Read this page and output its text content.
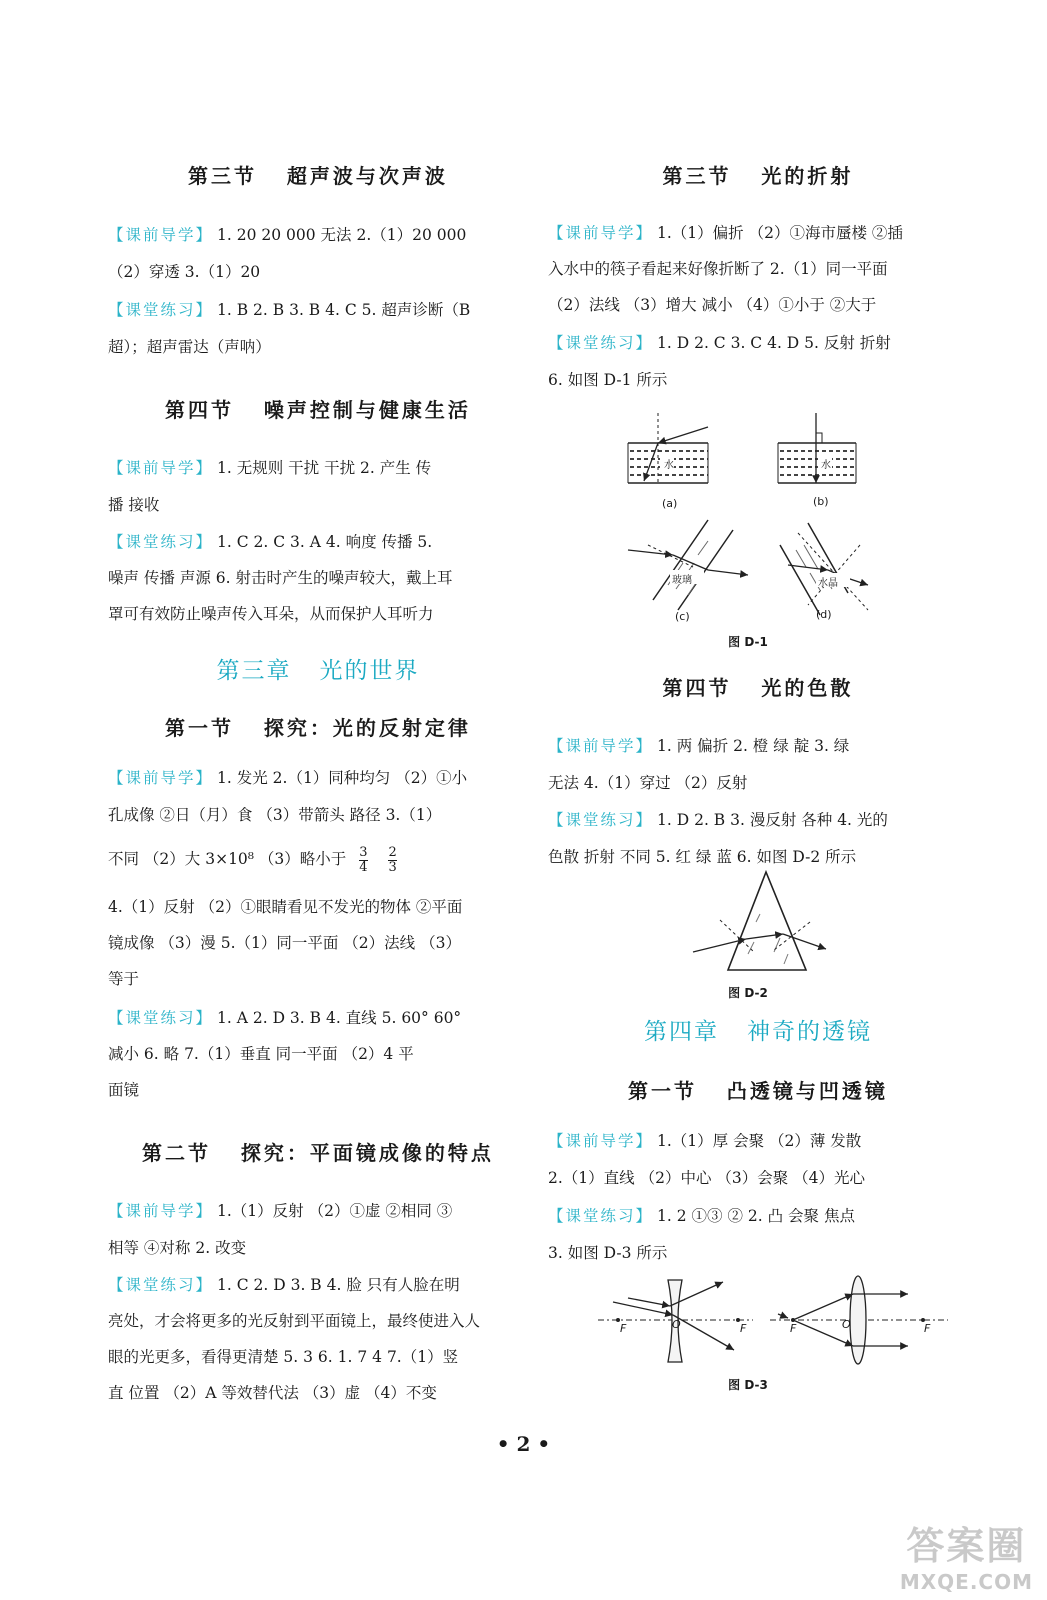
第三节   超声波与次声波
【课前导学】 1. 20 20 000 无法 2.（1）20 000
（2）穿透 3.（1）20
【课堂练习】 1. B 2. B 3. B 4. C 5. 超声诊断（B
超）；超声雷达（声呐）
第四节   噪声控制与健康生活
【课前导学】 1. 无规则 干扰 干扰 2. 产生 传
播 接收
【课堂练习】 1. C 2. C 3. A 4. 响度 传播 5.
噪声 传播 声源 6. 射击时产生的噪声较大，戴上耳
罩可有效防止噪声传入耳朵，从而保护人耳听力
第三章   光的世界
第一节   探究：光的反射定律
【课前导学】 1. 发光 2.（1）同种均匀 （2）①小
孔成像 ②日（月）食 （3）带箭头 路径 3.（1）
不同 （2）大 3×10⁸ （3）略小于 $\frac{3}{4}$
$\frac{2}{3}$
4.（1）反射 （2）①眼睛看见不发光的物体 ②平面
镜成像 （3）漫 5.（1）同一平面 （2）法线 （3）
等于
【课堂练习】 1. A 2. D 3. B 4. 直线 5. 60° 60°
减小 6. 略 7.（1）垂直 同一平面 （2）4 平
面镜
第二节   探究：平面镜成像的特点
【课前导学】 1.（1）反射 （2）①虚 ②相同 ③
相等 ④对称 2. 改变
【课堂练习】 1. C 2. D 3. B 4. 脸 只有人脸在明
亮处，才会将更多的光反射到平面镜上，最终使进入人
眼的光更多，看得更清楚 5. 3 6. 1. 7 4 7.（1）竖
直 位置 （2）A 等效替代法 （3）虚 （4）不变
第三节   光的折射
【课前导学】 1.（1）偏折 （2）①海市蜃楼 ②插
入水中的筷子看起来好像折断了 2.（1）同一平面
（2）法线 （3）增大 减小 （4）①小于 ②大于
【课堂练习】 1. D 2. C 3. C 4. D 5. 反射 折射
6. 如图 D-1 所示
水	水
玻璃	水晶
(a)	(b)
(c)	(d)
图 D-1
第四节   光的色散
【课前导学】 1. 两 偏折 2. 橙 绿 靛 3. 绿
无法 4.（1）穿过 （2）反射
【课堂练习】 1. D 2. B 3. 漫反射 各种 4. 光的
色散 折射 不同 5. 红 绿 蓝 6. 如图 D-2 所示
图 D-2
第四章   神奇的透镜
第一节   凸透镜与凹透镜
【课前导学】 1.（1）厚 会聚 （2）薄 发散
2.（1）直线 （2）中心 （3）会聚 （4）光心
【课堂练习】 1. 2 ①③ ② 2. 凸 会聚 焦点
3. 如图 D-3 所示
F	O	F	F	O	F
图 D-3
• 2 •
答案圈
MXQE.COM
